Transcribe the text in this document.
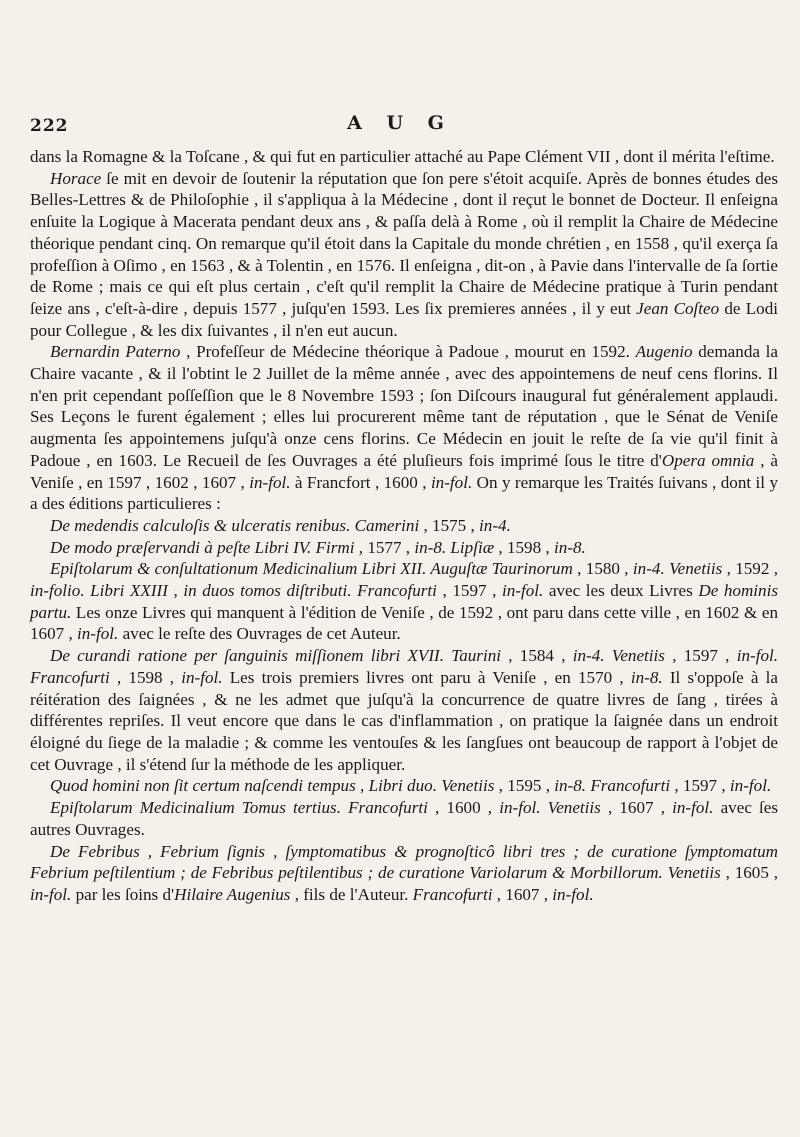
222	A U G

dans la Romagne & la Toſcane , & qui fut en particulier attaché au Pape Clément VII , dont il mérita l'eſtime.

Horace ſe mit en devoir de ſoutenir la réputation que ſon pere s'étoit acquiſe. Après de bonnes études des Belles-Lettres & de Philoſophie , il s'appliqua à la Médecine , dont il reçut le bonnet de Docteur. Il enſeigna enſuite la Logique à Macerata pendant deux ans , & paſſa delà à Rome , où il remplit la Chaire de Médecine théorique pendant cinq. On remarque qu'il étoit dans la Capitale du monde chrétien , en 1558 , qu'il exerça ſa profeſſion à Oſimo , en 1563 , & à Tolentin , en 1576. Il enſeigna , dit-on , à Pavie dans l'intervalle de ſa ſortie de Rome ; mais ce qui eſt plus certain , c'eſt qu'il remplit la Chaire de Médecine pratique à Turin pendant ſeize ans , c'eſt-à-dire , depuis 1577 , juſqu'en 1593. Les ſix premieres années , il y eut Jean Coſteo de Lodi pour Collegue , & les dix ſuivantes , il n'en eut aucun.

Bernardin Paterno , Profeſſeur de Médecine théorique à Padoue , mourut en 1592. Augenio demanda la Chaire vacante , & il l'obtint le 2 Juillet de la même année , avec des appointemens de neuf cens florins. Il n'en prit cependant poſſeſſion que le 8 Novembre 1593 ; ſon Diſcours inaugural fut généralement applaudi. Ses Leçons le furent également ; elles lui procurerent même tant de réputation , que le Sénat de Veniſe augmenta ſes appointemens juſqu'à onze cens florins. Ce Médecin en jouit le reſte de ſa vie qu'il finit à Padoue , en 1603. Le Recueil de ſes Ouvrages a été pluſieurs fois imprimé ſous le titre d'Opera omnia , à Veniſe , en 1597 , 1602 , 1607 , in-fol. à Francfort , 1600 , in-fol. On y remarque les Traités ſuivans , dont il y a des éditions particulieres :

De medendis calculoſis & ulceratis renibus. Camerini , 1575 , in-4.

De modo præſervandi à peſte Libri IV. Firmi , 1577 , in-8. Lipſiæ , 1598 , in-8.

Epiſtolarum & conſultationum Medicinalium Libri XII. Auguſtæ Taurinorum , 1580 , in-4. Venetiis , 1592 , in-folio. Libri XXIII , in duos tomos diſtributi. Francofurti , 1597 , in-fol. avec les deux Livres De hominis partu. Les onze Livres qui manquent à l'édition de Veniſe , de 1592 , ont paru dans cette ville , en 1602 & en 1607 , in-fol. avec le reſte des Ouvrages de cet Auteur.

De curandi ratione per ſanguinis miſſionem libri XVII. Taurini , 1584 , in-4. Venetiis , 1597 , in-fol. Francofurti , 1598 , in-fol. Les trois premiers livres ont paru à Veniſe , en 1570 , in-8. Il s'oppoſe à la réitération des ſaignées , & ne les admet que juſqu'à la concurrence de quatre livres de ſang , tirées à différentes repriſes. Il veut encore que dans le cas d'inflammation , on pratique la ſaignée dans un endroit éloigné du ſiege de la maladie ; & comme les ventouſes & les ſangſues ont beaucoup de rapport à l'objet de cet Ouvrage , il s'étend ſur la méthode de les appliquer.

Quod homini non ſit certum naſcendi tempus , Libri duo. Venetiis , 1595 , in-8. Francofurti , 1597 , in-fol.

Epiſtolarum Medicinalium Tomus tertius. Francofurti , 1600 , in-fol. Venetiis , 1607 , in-fol. avec ſes autres Ouvrages.

De Febribus , Febrium ſignis , ſymptomatibus & prognoſticô libri tres ; de curatione ſymptomatum Febrium peſtilentium ; de Febribus peſtilentibus ; de curatione Variolarum & Morbillorum. Venetiis , 1605 , in-fol. par les ſoins d'Hilaire Augenius , fils de l'Auteur. Francofurti , 1607 , in-fol.
